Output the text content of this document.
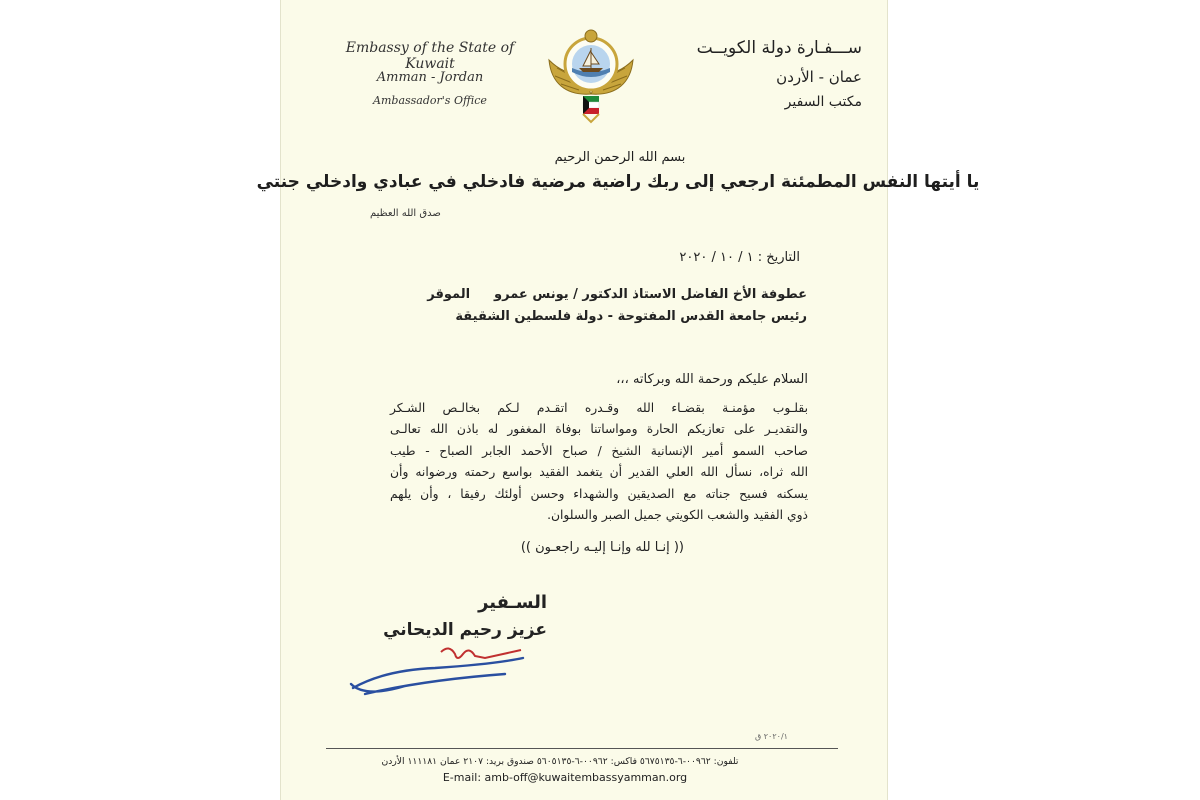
Embassy of the State of Kuwait
Amman - Jordan
Ambassador's Office
ســـفـارة دولة الكويــت
عمان - الأردن
مكتب السفير
بسم الله الرحمن الرحيم
يا أيتها النفس المطمئنة ارجعي إلى ربك راضية مرضية فادخلي في عبادي وادخلي جنتي
صدق الله العظيم
التاريخ : ١ / ١٠ / ٢٠٢٠
عطوفة الأخ الفاضل الاستاذ الدكتور / يونس عمروالموقر
رئيس جامعة القدس المفتوحة - دولة فلسطين الشقيقة
السلام عليكم ورحمة الله وبركاته ،،،
بقلـوب مؤمنـة بقضـاء الله وقـدره اتقـدم لـكم بخالـص الشـكر
والتقديـر على تعازيكم الحارة ومواساتنا بوفاة المغفور له باذن الله تعالـى
صاحب السمو أمير الإنسانية الشيخ / صباح الأحمد الجابر الصباح - طيب
الله ثراه، نسأل الله العلي القدير أن يتغمد الفقيد بواسع رحمته ورضوانه وأن
يسكنه فسيح جناته مع الصديقين والشهداء وحسن أولئك رفيقا ، وأن يلهم
ذوي الفقيد والشعب الكويتي جميل الصبر والسلوان.
(( إنـا لله وإنـا إليـه راجعـون ))
السـفير
عزيز رحيم الديحاني
٢٠٢٠/١ ق
تلفون: ٠٠٩٦٢-٦-٥٦٧٥١٣٥ فاكس: ٠٠٩٦٢-٦-٥٦٠٥١٣٥ صندوق بريد: ٢١٠٧ عمان ١١١١٨١ الأردن
E-mail: amb-off@kuwaitembassyamman.org
